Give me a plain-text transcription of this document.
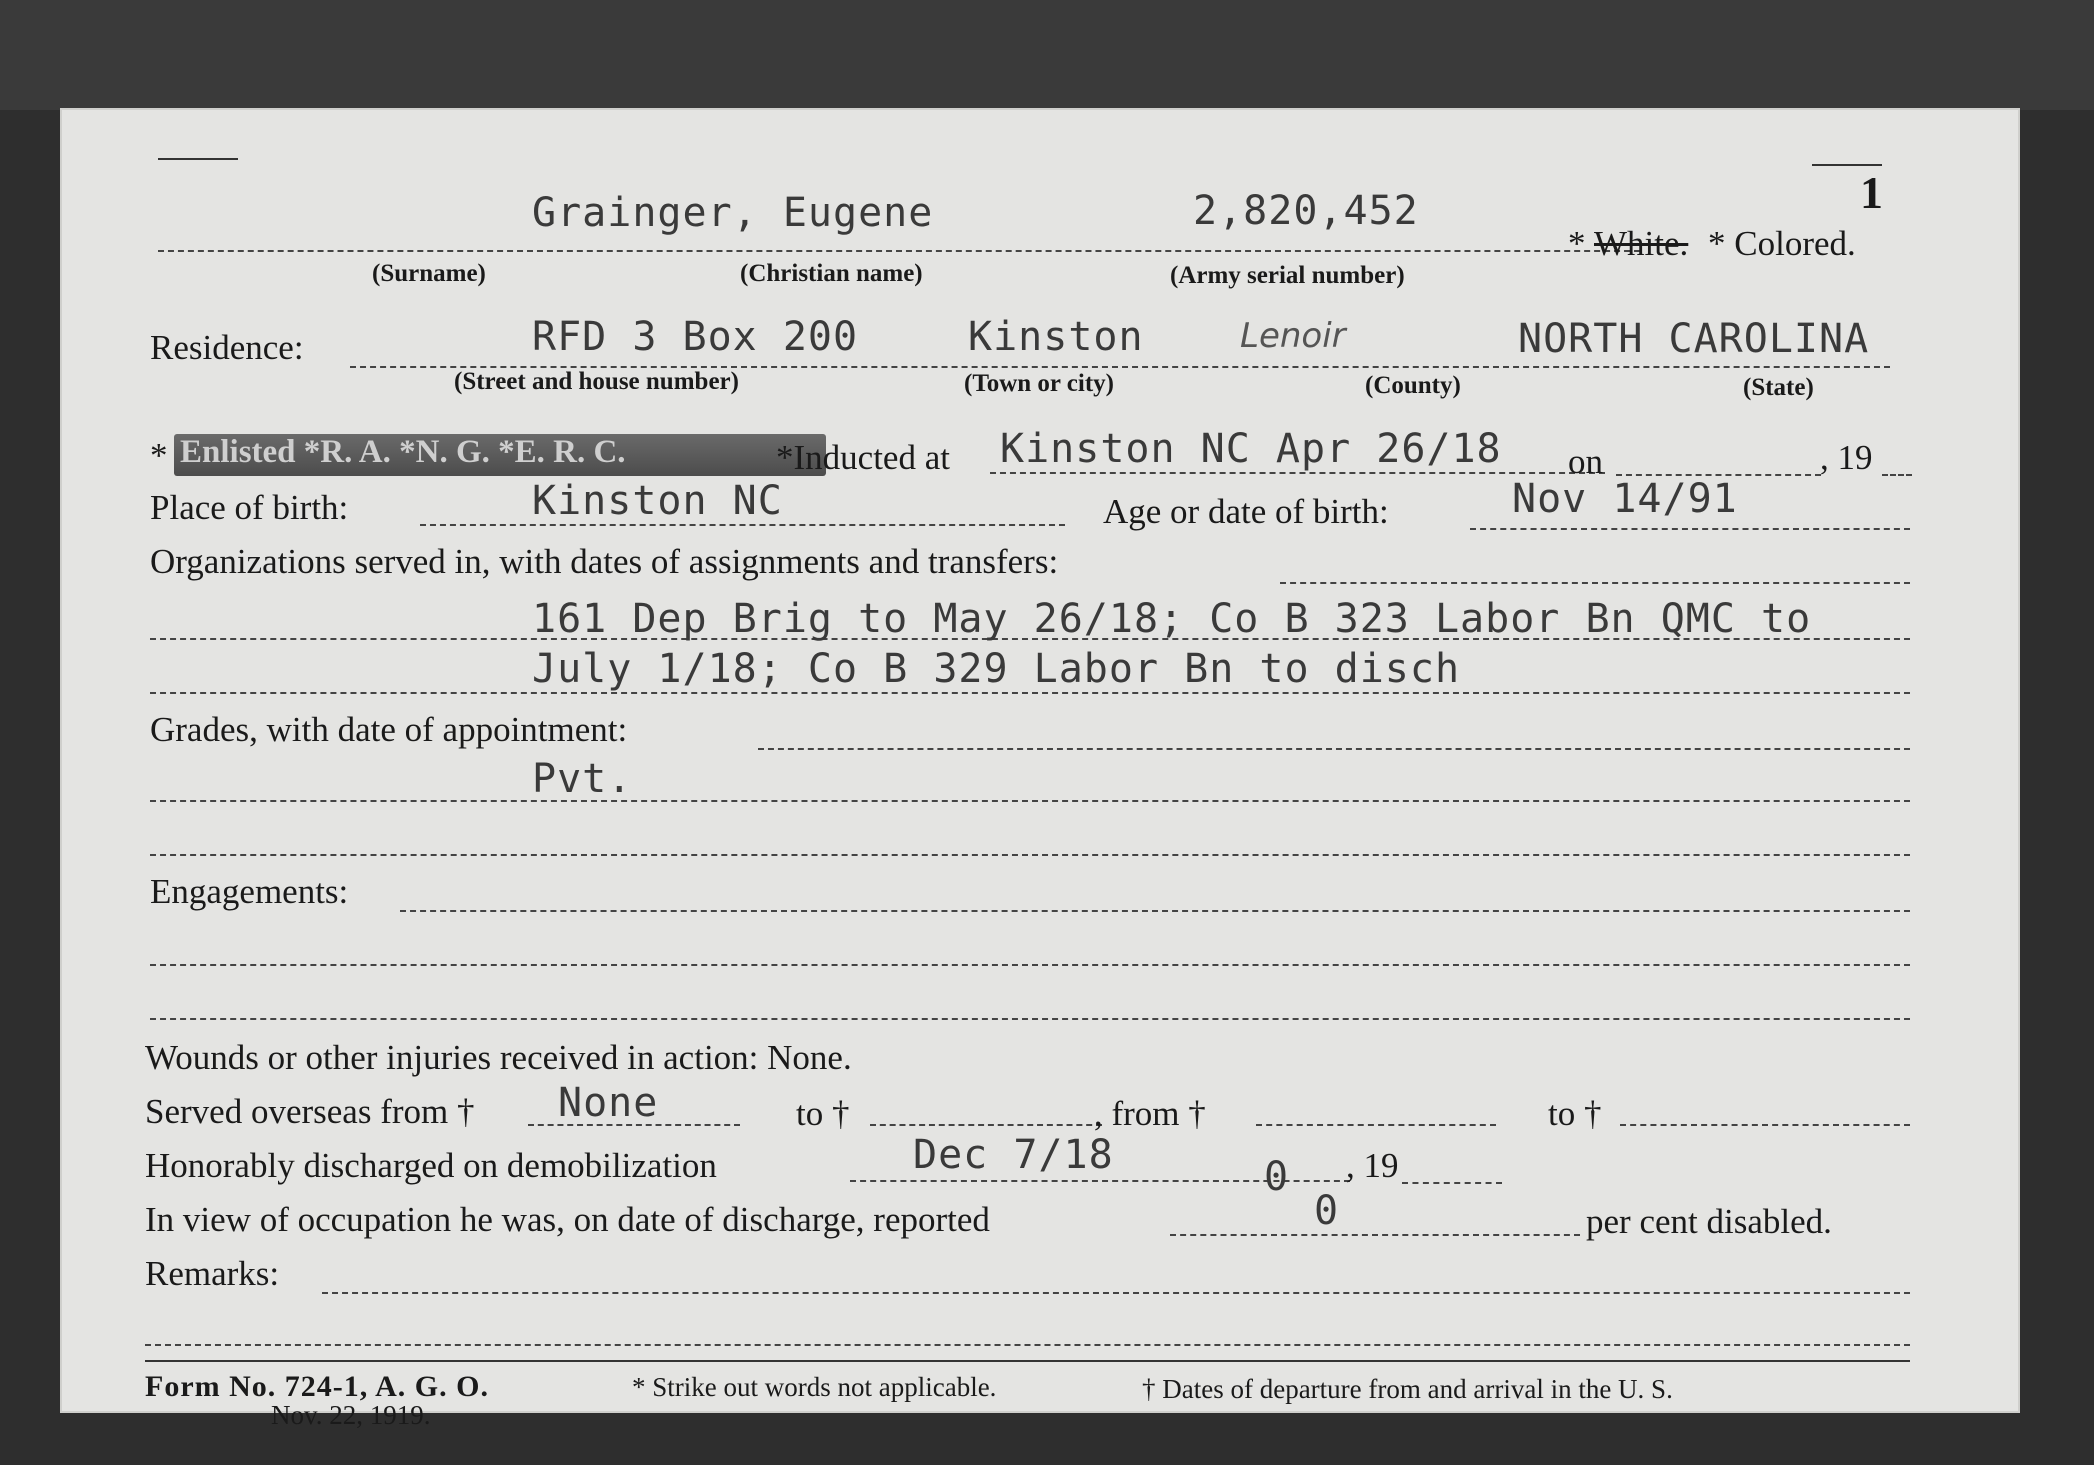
1
Grainger, Eugene	2,820,452
* White. * Colored.
(Surname)	(Christian name)	(Army serial number)
Residence:	RFD 3 Box 200	Kinston	Lenoir	NORTH CAROLINA
(Street and house number)	(Town or city)	(County)	(State)
* Enlisted *R. A. *N. G. *E. R. C.	*Inducted at Kinston NC Apr 26/18 on	, 19
Place of birth:	Kinston NC	Age or date of birth:	Nov 14/91
Organizations served in, with dates of assignments and transfers:
161 Dep Brig to May 26/18; Co B 323 Labor Bn QMC to
July 1/18; Co B 329 Labor Bn to disch
Grades, with date of appointment:
Pvt.
Engagements:
Wounds or other injuries received in action: None.
Served overseas from † None	to †	, from †	to †
Honorably discharged on demobilization	Dec 7/18	0 , 19
In view of occupation he was, on date of discharge, reported	0	per cent disabled.
Remarks:
Form No. 724-1, A. G. O.
Nov. 22, 1919.
* Strike out words not applicable.	† Dates of departure from and arrival in the U. S.
